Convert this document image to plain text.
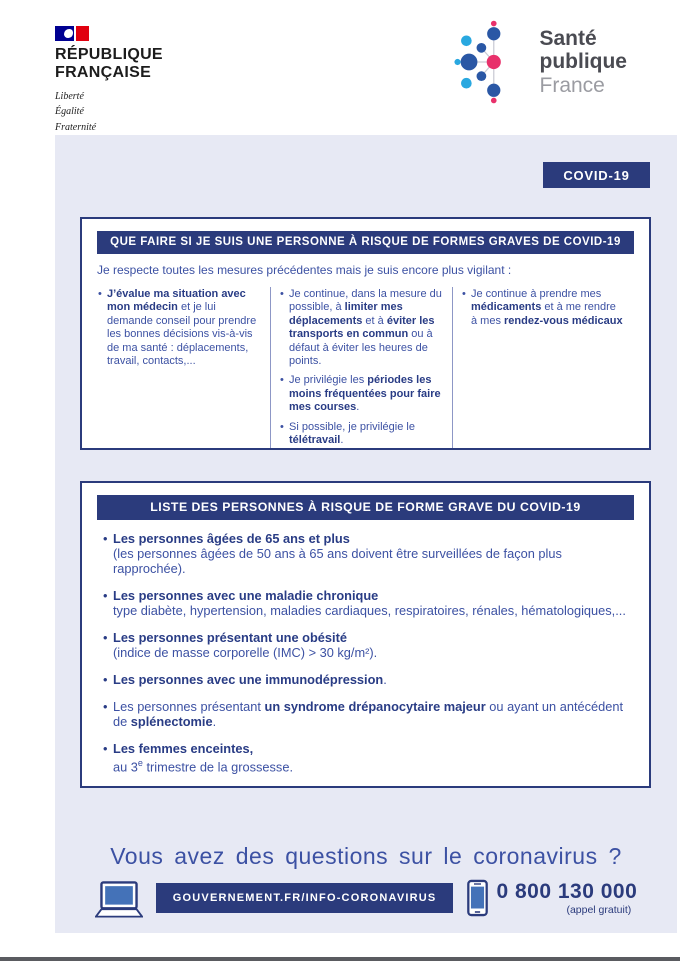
RÉPUBLIQUE
FRANÇAISE
Liberté
Égalité
Fraternité
Santé
publique
France
COVID-19
QUE FAIRE SI JE SUIS UNE PERSONNE À RISQUE DE FORMES GRAVES DE COVID-19
Je respecte toutes les mesures précédentes mais je suis encore plus vigilant :
• J’évalue ma situation avec mon médecin et je lui demande conseil pour prendre les bonnes décisions vis-à-vis de ma santé : déplacements, travail, contacts,...
• Je continue, dans la mesure du possible, à limiter mes déplacements et à éviter les transports en commun ou à défaut à éviter les heures de points.
• Je privilégie les périodes les moins fréquentées pour faire mes courses.
• Si possible, je privilégie le télétravail.
• Je continue à prendre mes médicaments et à me rendre à mes rendez-vous médicaux
LISTE DES PERSONNES À RISQUE DE FORME GRAVE DU COVID-19
• Les personnes âgées de 65 ans et plus
(les personnes âgées de 50 ans à 65 ans doivent être surveillées de façon plus rapprochée).
• Les personnes avec une maladie chronique
type diabète, hypertension, maladies cardiaques, respiratoires, rénales, hématologiques,...
• Les personnes présentant une obésité
(indice de masse corporelle (IMC) > 30 kg/m²).
• Les personnes avec une immunodépression.
• Les personnes présentant un syndrome drépanocytaire majeur ou ayant un antécédent de splénectomie.
• Les femmes enceintes,
au 3e trimestre de la grossesse.
Vous avez des questions sur le coronavirus ?
GOUVERNEMENT.FR/INFO-CORONAVIRUS	0 800 130 000
(appel gratuit)
